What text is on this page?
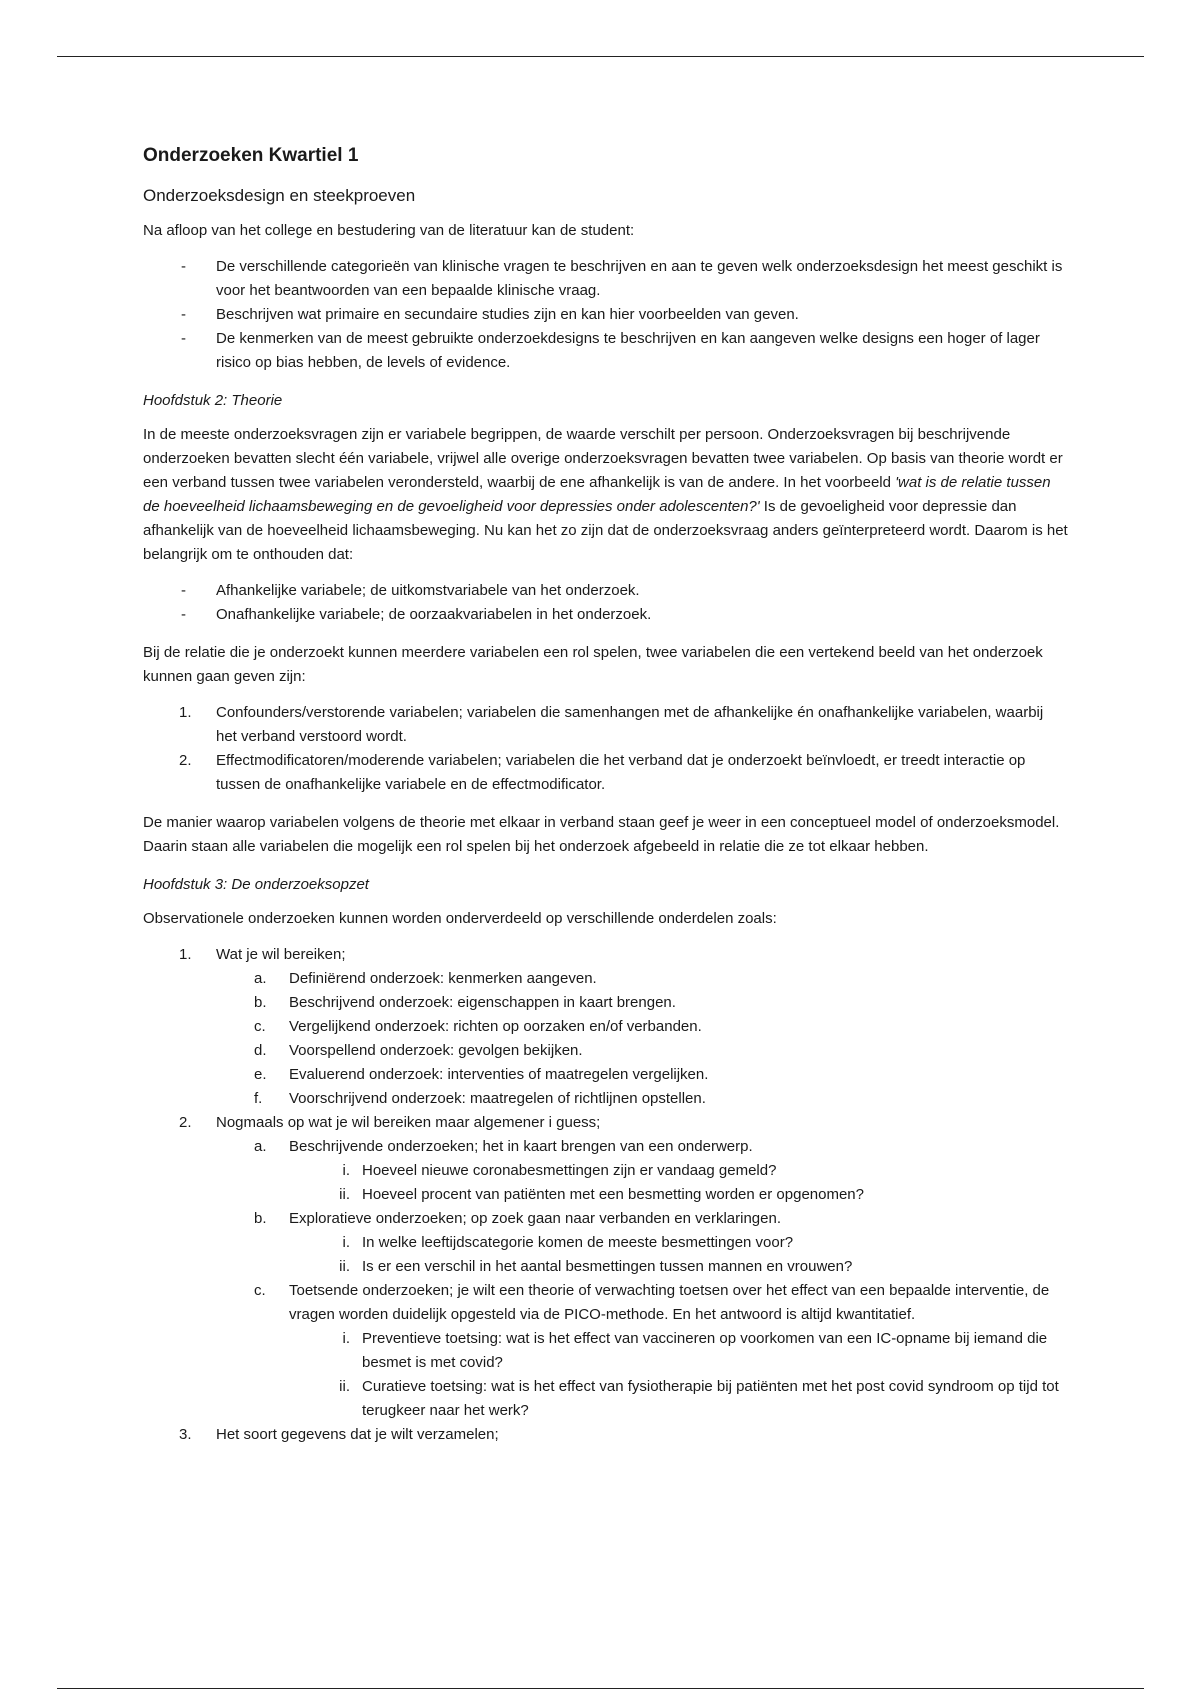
Onderzoeken Kwartiel 1
Onderzoeksdesign en steekproeven

Na afloop van het college en bestudering van de literatuur kan de student:

- De verschillende categorieën van klinische vragen te beschrijven en aan te geven welk onderzoeksdesign het meest geschikt is voor het beantwoorden van een bepaalde klinische vraag.
- Beschrijven wat primaire en secundaire studies zijn en kan hier voorbeelden van geven.
- De kenmerken van de meest gebruikte onderzoekdesigns te beschrijven en kan aangeven welke designs een hoger of lager risico op bias hebben, de levels of evidence.

Hoofdstuk 2: Theorie

In de meeste onderzoeksvragen zijn er variabele begrippen, de waarde verschilt per persoon. Onderzoeksvragen bij beschrijvende onderzoeken bevatten slecht één variabele, vrijwel alle overige onderzoeksvragen bevatten twee variabelen. Op basis van theorie wordt er een verband tussen twee variabelen verondersteld, waarbij de ene afhankelijk is van de andere. In het voorbeeld 'wat is de relatie tussen de hoeveelheid lichaamsbeweging en de gevoeligheid voor depressies onder adolescenten?' Is de gevoeligheid voor depressie dan afhankelijk van de hoeveelheid lichaamsbeweging. Nu kan het zo zijn dat de onderzoeksvraag anders geïnterpreteerd wordt. Daarom is het belangrijk om te onthouden dat:

- Afhankelijke variabele; de uitkomstvariabele van het onderzoek.
- Onafhankelijke variabele; de oorzaakvariabelen in het onderzoek.

Bij de relatie die je onderzoekt kunnen meerdere variabelen een rol spelen, twee variabelen die een vertekend beeld van het onderzoek kunnen gaan geven zijn:

1. Confounders/verstorende variabelen; variabelen die samenhangen met de afhankelijke én onafhankelijke variabelen, waarbij het verband verstoord wordt.
2. Effectmodificatoren/moderende variabelen; variabelen die het verband dat je onderzoekt beïnvloedt, er treedt interactie op tussen de onafhankelijke variabele en de effectmodificator.

De manier waarop variabelen volgens de theorie met elkaar in verband staan geef je weer in een conceptueel model of onderzoeksmodel. Daarin staan alle variabelen die mogelijk een rol spelen bij het onderzoek afgebeeld in relatie die ze tot elkaar hebben.

Hoofdstuk 3: De onderzoeksopzet

Observationele onderzoeken kunnen worden onderverdeeld op verschillende onderdelen zoals:

1. Wat je wil bereiken;
a. Definiërend onderzoek: kenmerken aangeven.
b. Beschrijvend onderzoek: eigenschappen in kaart brengen.
c. Vergelijkend onderzoek: richten op oorzaken en/of verbanden.
d. Voorspellend onderzoek: gevolgen bekijken.
e. Evaluerend onderzoek: interventies of maatregelen vergelijken.
f. Voorschrijvend onderzoek: maatregelen of richtlijnen opstellen.
2. Nogmaals op wat je wil bereiken maar algemener i guess;
a. Beschrijvende onderzoeken; het in kaart brengen van een onderwerp.
i. Hoeveel nieuwe coronabesmettingen zijn er vandaag gemeld?
ii. Hoeveel procent van patiënten met een besmetting worden er opgenomen?
b. Exploratieve onderzoeken; op zoek gaan naar verbanden en verklaringen.
i. In welke leeftijdscategorie komen de meeste besmettingen voor?
ii. Is er een verschil in het aantal besmettingen tussen mannen en vrouwen?
c. Toetsende onderzoeken; je wilt een theorie of verwachting toetsen over het effect van een bepaalde interventie, de vragen worden duidelijk opgesteld via de PICO-methode. En het antwoord is altijd kwantitatief.
i. Preventieve toetsing: wat is het effect van vaccineren op voorkomen van een IC-opname bij iemand die besmet is met covid?
ii. Curatieve toetsing: wat is het effect van fysiotherapie bij patiënten met het post covid syndroom op tijd tot terugkeer naar het werk?
3. Het soort gegevens dat je wilt verzamelen;
